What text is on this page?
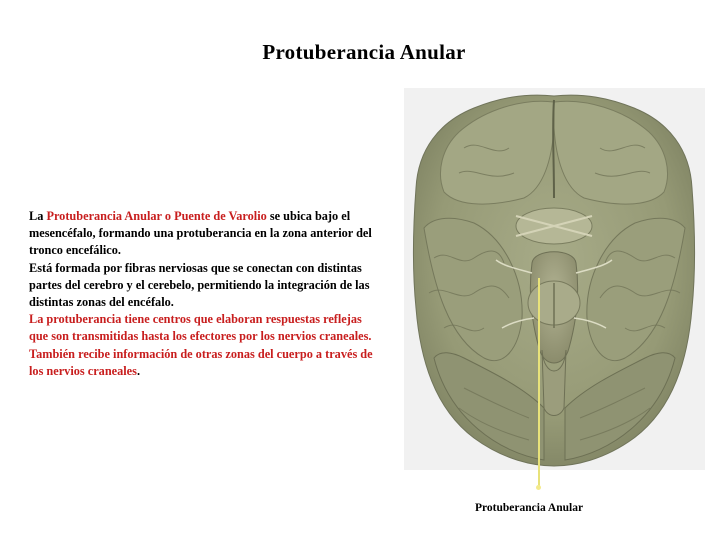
Protuberancia Anular
La Protuberancia Anular o Puente de Varolio se ubica bajo el mesencéfalo, formando una protuberancia en la zona anterior del tronco encefálico.
Está formada por fibras nerviosas que se conectan con distintas partes del cerebro y el cerebelo, permitiendo la integración de las distintas zonas del encéfalo.
La protuberancia tiene centros que elaboran respuestas reflejas que son transmitidas hasta los efectores por los nervios craneales. También recibe información de otras zonas del cuerpo a través de los nervios craneales.
Protuberancia Anular
